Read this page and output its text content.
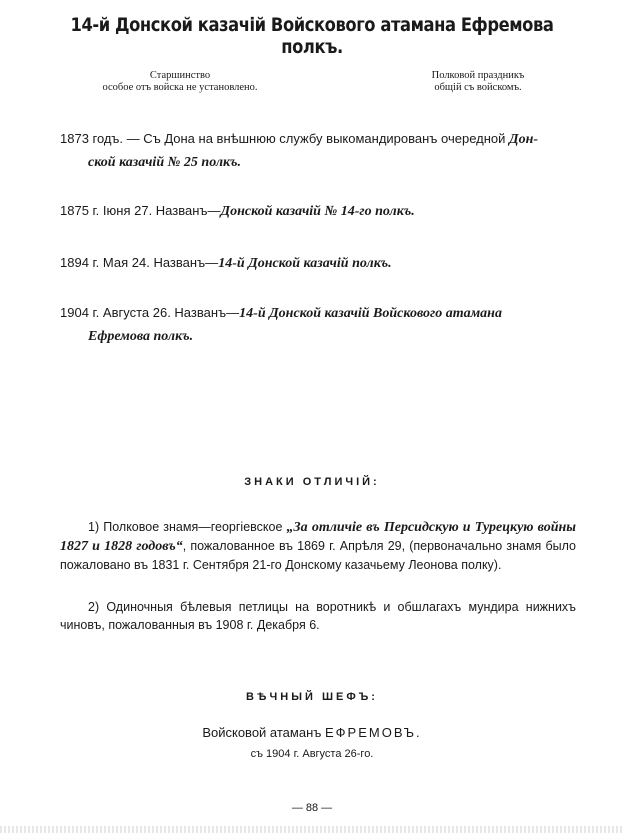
14-й Донской казачій Войскового атамана Ефремова полкъ.
Старшинство
особое отъ войска не установлено.
Полковой праздникъ
общій съ войскомъ.
1873 годъ. — Съ Дона на внѣшнюю службу выкомандированъ очередной Дон-
ской казачій № 25 полкъ.
1875 г. Іюня 27. Названъ—Донской казачій № 14-го полкъ.
1894 г. Мая 24. Названъ—14-й Донской казачій полкъ.
1904 г. Августа 26. Названъ—14-й Донской казачій Войскового атамана
Ефремова полкъ.
ЗНАКИ ОТЛИЧІЙ:
1) Полковое знамя—георгіевское „За отличіе въ Персидскую и Турецкую войны 1827 и 1828 годовъ“, пожалованное въ 1869 г. Апрѣля 29, (первоначально знамя было пожаловано въ 1831 г. Сентября 21-го Донскому казачьему Леонова полку).
2) Одиночныя бѣлевыя петлицы на воротникѣ и обшлагахъ мундира нижнихъ чиновъ, пожалованныя въ 1908 г. Декабря 6.
ВѢЧНЫЙ ШЕФЪ:
Войсковой атаманъ ЕФРЕМОВЪ.
съ 1904 г. Августа 26-го.
— 88 —
